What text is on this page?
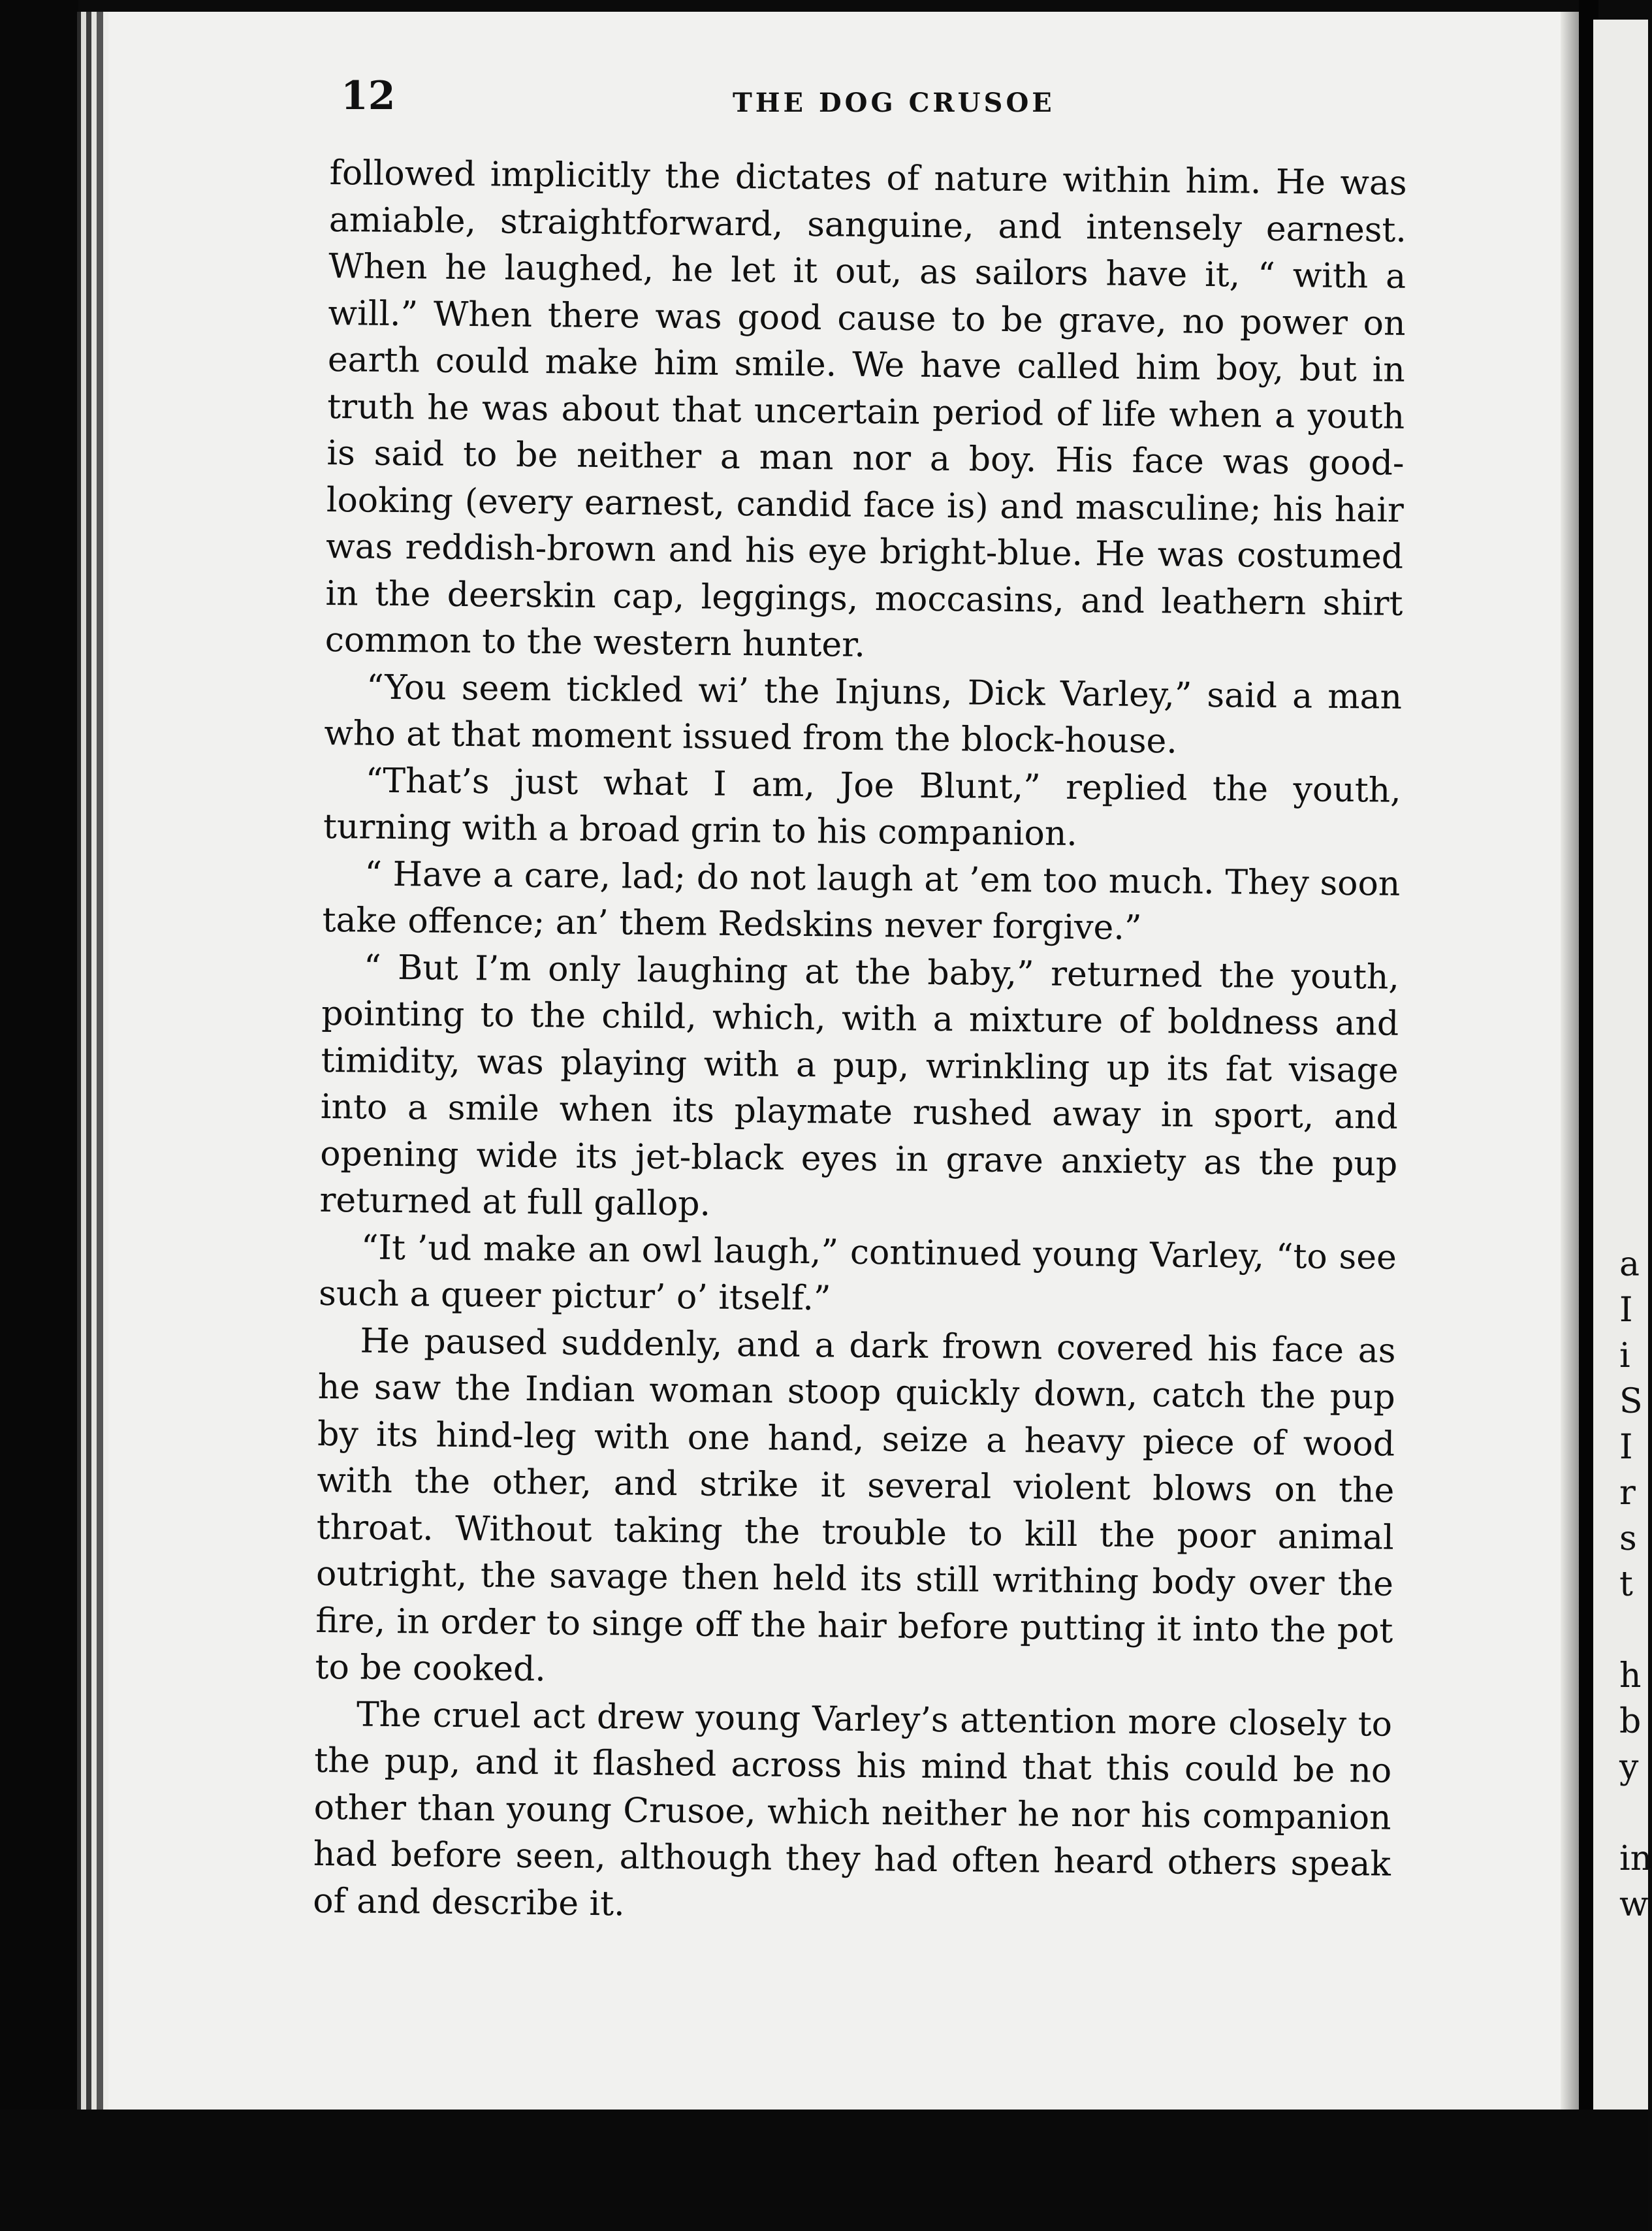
a
I
i
S
I
r
s
t
h
b
y
in
w
12	THE DOG CRUSOE

followed implicitly the dictates of nature within him. He was amiable, straightforward, sanguine, and intensely earnest. When he laughed, he let it out, as sailors have it, “ with a will.” When there was good cause to be grave, no power on earth could make him smile. We have called him boy, but in truth he was about that uncertain period of life when a youth is said to be neither a man nor a boy. His face was good-looking (every earnest, candid face is) and masculine; his hair was reddish-brown and his eye bright-blue. He was costumed in the deerskin cap, leggings, moccasins, and leathern shirt common to the western hunter.

“You seem tickled wi’ the Injuns, Dick Varley,” said a man who at that moment issued from the block-house.

“That’s just what I am, Joe Blunt,” replied the youth, turning with a broad grin to his companion.

“ Have a care, lad; do not laugh at ’em too much. They soon take offence; an’ them Redskins never forgive.”

“ But I’m only laughing at the baby,” returned the youth, pointing to the child, which, with a mixture of boldness and timidity, was playing with a pup, wrinkling up its fat visage into a smile when its playmate rushed away in sport, and opening wide its jet-black eyes in grave anxiety as the pup returned at full gallop.

“It ’ud make an owl laugh,” continued young Varley, “to see such a queer pictur’ o’ itself.”

He paused suddenly, and a dark frown covered his face as he saw the Indian woman stoop quickly down, catch the pup by its hind-leg with one hand, seize a heavy piece of wood with the other, and strike it several violent blows on the throat. Without taking the trouble to kill the poor animal outright, the savage then held its still writhing body over the fire, in order to singe off the hair before putting it into the pot to be cooked.

The cruel act drew young Varley’s attention more closely to the pup, and it flashed across his mind that this could be no other than young Crusoe, which neither he nor his companion had before seen, although they had often heard others speak of and describe it.
